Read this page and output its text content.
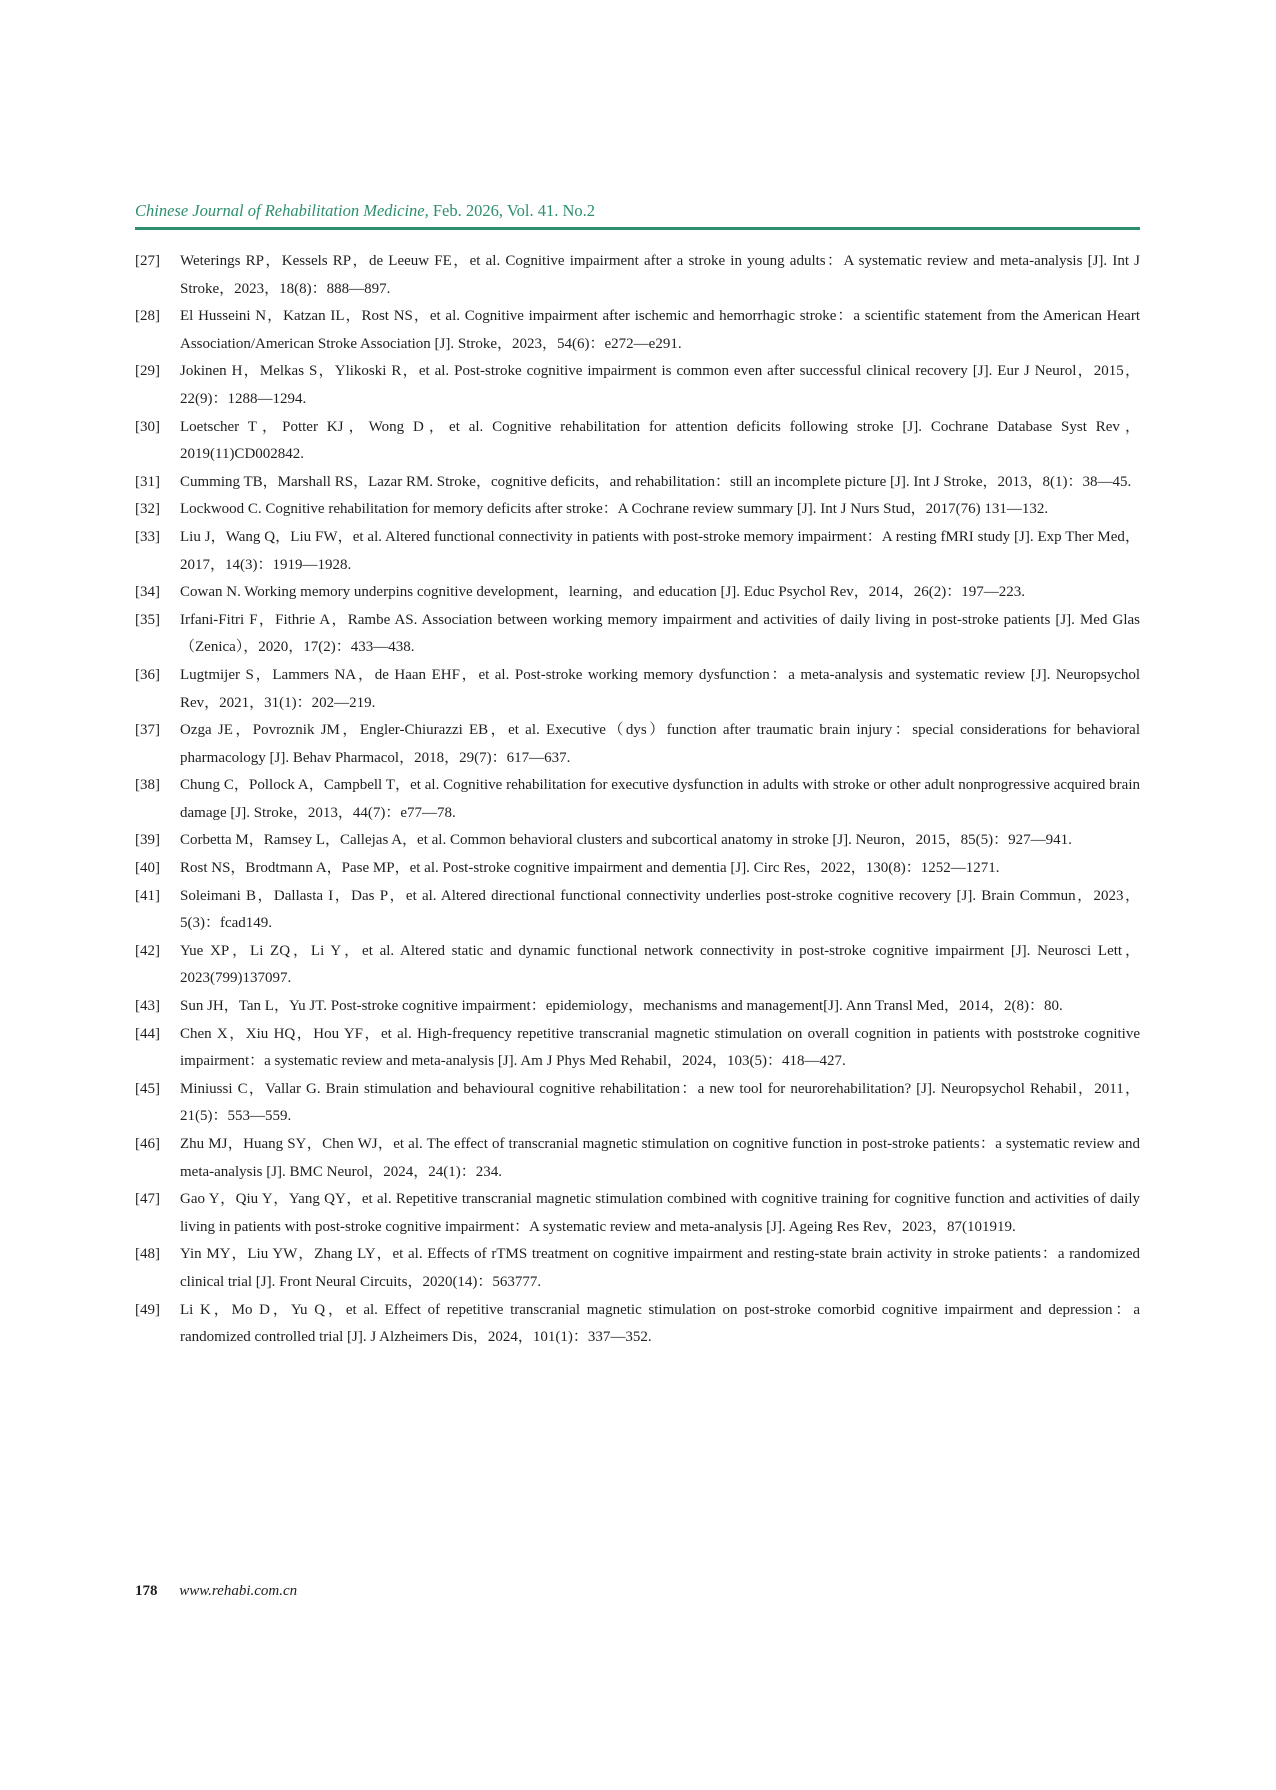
Chinese Journal of Rehabilitation Medicine, Feb. 2026, Vol. 41. No.2
[27] Weterings RP，Kessels RP，de Leeuw FE，et al. Cognitive impairment after a stroke in young adults：A systematic review and meta-analysis [J]. Int J Stroke，2023，18(8)：888—897.
[28] El Husseini N，Katzan IL，Rost NS，et al. Cognitive impairment after ischemic and hemorrhagic stroke：a scientific statement from the American Heart Association/American Stroke Association [J]. Stroke，2023，54(6)：e272—e291.
[29] Jokinen H，Melkas S，Ylikoski R，et al. Post-stroke cognitive impairment is common even after successful clinical recovery [J]. Eur J Neurol，2015，22(9)：1288—1294.
[30] Loetscher T，Potter KJ，Wong D，et al. Cognitive rehabilitation for attention deficits following stroke [J]. Cochrane Database Syst Rev，2019(11)CD002842.
[31] Cumming TB，Marshall RS，Lazar RM. Stroke，cognitive deficits，and rehabilitation：still an incomplete picture [J]. Int J Stroke，2013，8(1)：38—45.
[32] Lockwood C. Cognitive rehabilitation for memory deficits after stroke：A Cochrane review summary [J]. Int J Nurs Stud，2017(76) 131—132.
[33] Liu J，Wang Q，Liu FW，et al. Altered functional connectivity in patients with post-stroke memory impairment：A resting fMRI study [J]. Exp Ther Med，2017，14(3)：1919—1928.
[34] Cowan N. Working memory underpins cognitive development，learning，and education [J]. Educ Psychol Rev，2014，26(2)：197—223.
[35] Irfani-Fitri F，Fithrie A，Rambe AS. Association between working memory impairment and activities of daily living in post-stroke patients [J]. Med Glas（Zenica），2020，17(2)：433—438.
[36] Lugtmijer S，Lammers NA，de Haan EHF，et al. Post-stroke working memory dysfunction：a meta-analysis and systematic review [J]. Neuropsychol Rev，2021，31(1)：202—219.
[37] Ozga JE，Povroznik JM，Engler-Chiurazzi EB，et al. Executive（dys）function after traumatic brain injury：special considerations for behavioral pharmacology [J]. Behav Pharmacol，2018，29(7)：617—637.
[38] Chung C，Pollock A，Campbell T，et al. Cognitive rehabilitation for executive dysfunction in adults with stroke or other adult nonprogressive acquired brain damage [J]. Stroke，2013，44(7)：e77—78.
[39] Corbetta M，Ramsey L，Callejas A，et al. Common behavioral clusters and subcortical anatomy in stroke [J]. Neuron，2015，85(5)：927—941.
[40] Rost NS，Brodtmann A，Pase MP，et al. Post-stroke cognitive impairment and dementia [J]. Circ Res，2022，130(8)：1252—1271.
[41] Soleimani B，Dallasta I，Das P，et al. Altered directional functional connectivity underlies post-stroke cognitive recovery [J]. Brain Commun，2023，5(3)：fcad149.
[42] Yue XP，Li ZQ，Li Y，et al. Altered static and dynamic functional network connectivity in post-stroke cognitive impairment [J]. Neurosci Lett，2023(799)137097.
[43] Sun JH，Tan L，Yu JT. Post-stroke cognitive impairment：epidemiology，mechanisms and management[J]. Ann Transl Med，2014，2(8)：80.
[44] Chen X，Xiu HQ，Hou YF，et al. High-frequency repetitive transcranial magnetic stimulation on overall cognition in patients with poststroke cognitive impairment：a systematic review and meta-analysis [J]. Am J Phys Med Rehabil，2024，103(5)：418—427.
[45] Miniussi C，Vallar G. Brain stimulation and behavioural cognitive rehabilitation：a new tool for neurorehabilitation? [J]. Neuropsychol Rehabil，2011，21(5)：553—559.
[46] Zhu MJ，Huang SY，Chen WJ，et al. The effect of transcranial magnetic stimulation on cognitive function in post-stroke patients：a systematic review and meta-analysis [J]. BMC Neurol，2024，24(1)：234.
[47] Gao Y，Qiu Y，Yang QY，et al. Repetitive transcranial magnetic stimulation combined with cognitive training for cognitive function and activities of daily living in patients with post-stroke cognitive impairment：A systematic review and meta-analysis [J]. Ageing Res Rev，2023，87(101919.
[48] Yin MY，Liu YW，Zhang LY，et al. Effects of rTMS treatment on cognitive impairment and resting-state brain activity in stroke patients：a randomized clinical trial [J]. Front Neural Circuits，2020(14)：563777.
[49] Li K，Mo D，Yu Q，et al. Effect of repetitive transcranial magnetic stimulation on post-stroke comorbid cognitive impairment and depression：a randomized controlled trial [J]. J Alzheimers Dis，2024，101(1)：337—352.
178 www.rehabi.com.cn
